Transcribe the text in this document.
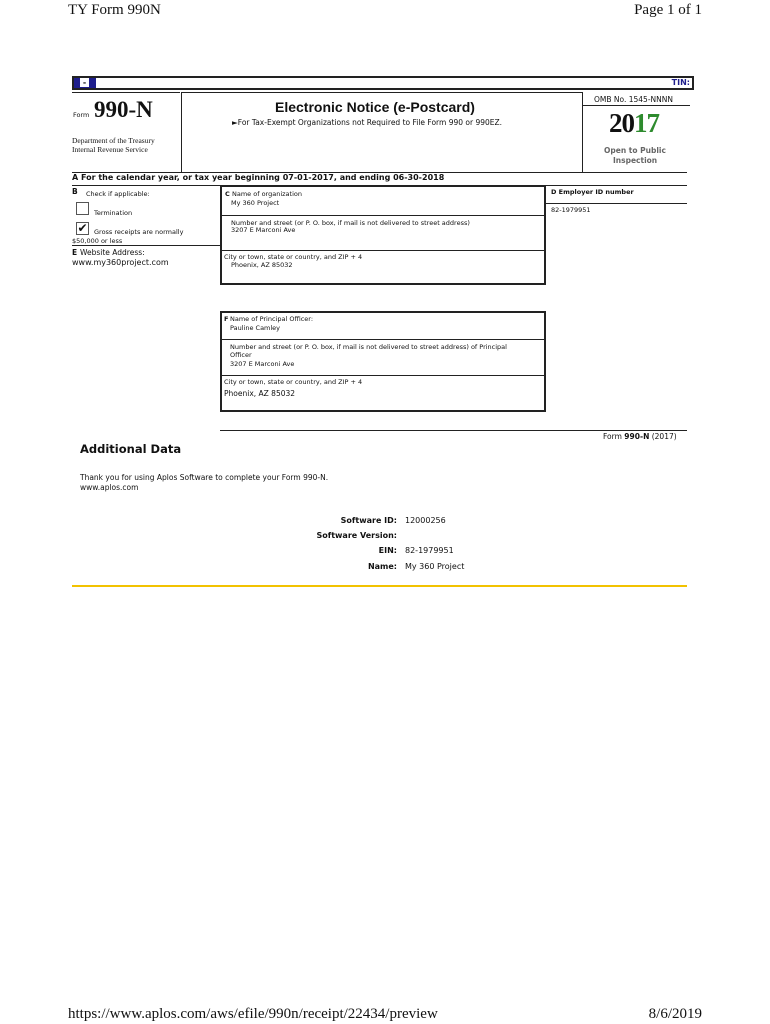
TY Form 990N	Page 1 of 1
-	TIN:
Form 990-N
Department of the Treasury
Internal Revenue Service
Electronic Notice (e-Postcard)
►For Tax-Exempt Organizations not Required to File Form 990 or 990EZ.
OMB No. 1545-NNNN
2017
Open to Public
Inspection
A For the calendar year, or tax year beginning 07-01-2017, and ending 06-30-2018
B Check if applicable:
Termination
✔ Gross receipts are normally
$50,000 or less
E Website Address:
www.my360project.com
C Name of organization
My 360 Project
Number and street (or P. O. box, if mail is not delivered to street address)
3207 E Marconi Ave
City or town, state or country, and ZIP + 4
Phoenix, AZ 85032
D Employer ID number
82-1979951
F Name of Principal Officer:
Pauline Camley
Number and street (or P. O. box, if mail is not delivered to street address) of Principal
Officer
3207 E Marconi Ave
City or town, state or country, and ZIP + 4
Phoenix, AZ 85032
Form 990-N (2017)
Additional Data
Thank you for using Aplos Software to complete your Form 990-N.
www.aplos.com
Software ID: 12000256
Software Version:
EIN: 82-1979951
Name: My 360 Project
https://www.aplos.com/aws/efile/990n/receipt/22434/preview	8/6/2019
